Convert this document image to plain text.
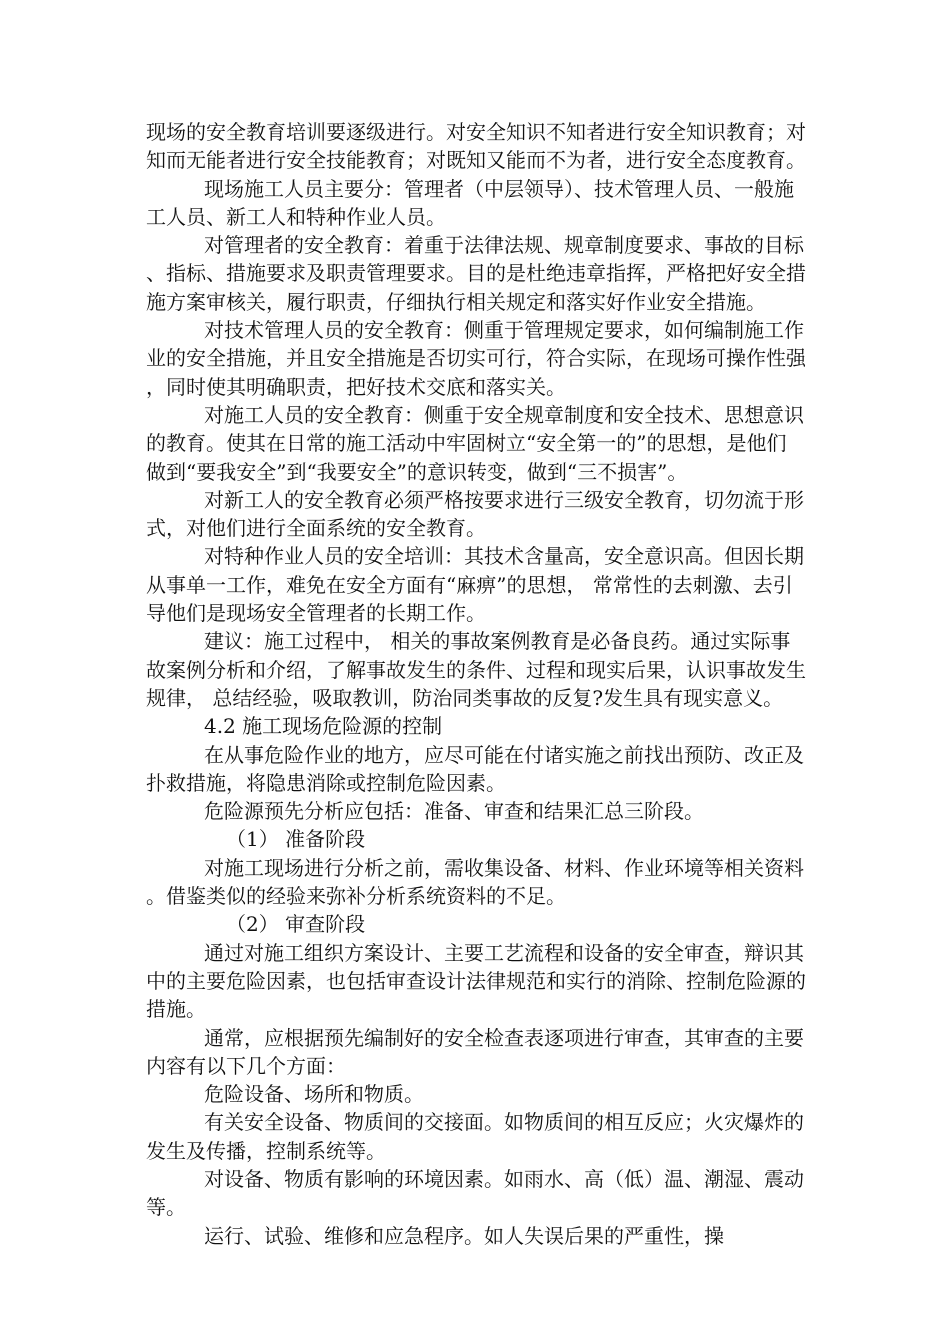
现场的安全教育培训要逐级进行。对安全知识不知者进行安全知识教育；对知而无能者进行安全技能教育；对既知又能而不为者，进行安全态度教育。

现场施工人员主要分：管理者（中层领导）、技术管理人员、一般施工人员、新工人和特种作业人员。

对管理者的安全教育：着重于法律法规、规章制度要求、事故的目标、指标、措施要求及职责管理要求。目的是杜绝违章指挥，严格把好安全措施方案审核关，履行职责，仔细执行相关规定和落实好作业安全措施。

对技术管理人员的安全教育：侧重于管理规定要求，如何编制施工作业的安全措施，并且安全措施是否切实可行，符合实际，在现场可操作性强，同时使其明确职责，把好技术交底和落实关。

对施工人员的安全教育：侧重于安全规章制度和安全技术、思想意识的教育。使其在日常的施工活动中牢固树立“安全第一的”的思想，是他们做到“要我安全”到“我要安全”的意识转变，做到“三不损害”。

对新工人的安全教育必须严格按要求进行三级安全教育，切勿流于形式，对他们进行全面系统的安全教育。

对特种作业人员的安全培训：其技术含量高，安全意识高。但因长期从事单一工作，难免在安全方面有“麻痹”的思想， 常常性的去刺激、去引导他们是现场安全管理者的长期工作。

建议：施工过程中， 相关的事故案例教育是必备良药。通过实际事故案例分析和介绍，了解事故发生的条件、过程和现实后果，认识事故发生规律， 总结经验，吸取教训，防治同类事故的反复?发生具有现实意义。

4.2 施工现场危险源的控制

在从事危险作业的地方，应尽可能在付诸实施之前找出预防、改正及扑救措施，将隐患消除或控制危险因素。

危险源预先分析应包括：准备、审查和结果汇总三阶段。

（1） 准备阶段

对施工现场进行分析之前，需收集设备、材料、作业环境等相关资料。借鉴类似的经验来弥补分析系统资料的不足。

（2） 审查阶段

通过对施工组织方案设计、主要工艺流程和设备的安全审查，辩识其中的主要危险因素，也包括审查设计法律规范和实行的消除、控制危险源的措施。

通常，应根据预先编制好的安全检查表逐项进行审查，其审查的主要内容有以下几个方面：

危险设备、场所和物质。

有关安全设备、物质间的交接面。如物质间的相互反应；火灾爆炸的发生及传播，控制系统等。

对设备、物质有影响的环境因素。如雨水、高（低）温、潮湿、震动等。

运行、试验、维修和应急程序。如人失误后果的严重性，操
